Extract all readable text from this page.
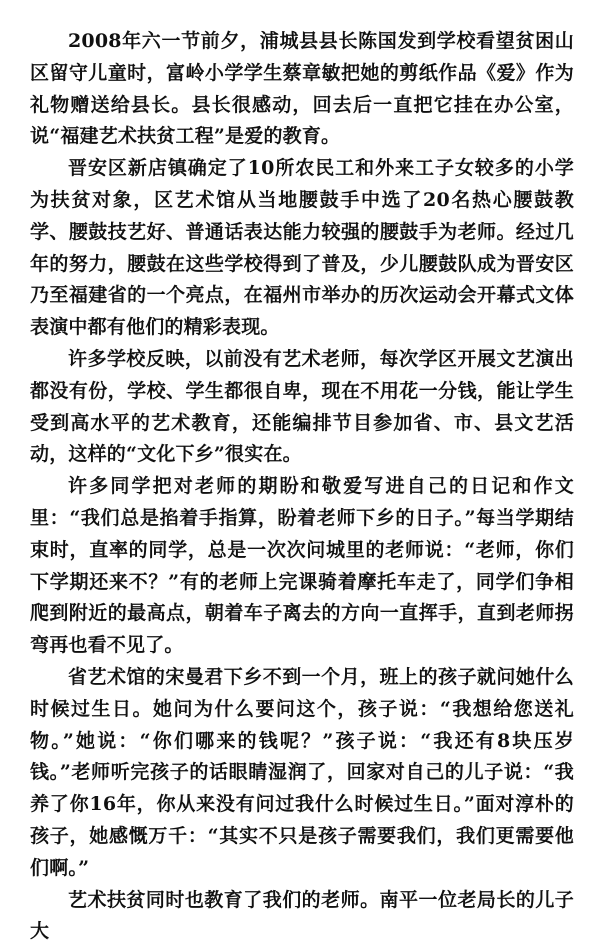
2008年六一节前夕，浦城县县长陈国发到学校看望贫困山区留守儿童时，富岭小学学生蔡章敏把她的剪纸作品《爱》作为礼物赠送给县长。县长很感动，回去后一直把它挂在办公室，说“福建艺术扶贫工程”是爱的教育。

晋安区新店镇确定了10所农民工和外来工子女较多的小学为扶贫对象，区艺术馆从当地腰鼓手中选了20名热心腰鼓教学、腰鼓技艺好、普通话表达能力较强的腰鼓手为老师。经过几年的努力，腰鼓在这些学校得到了普及，少儿腰鼓队成为晋安区乃至福建省的一个亮点，在福州市举办的历次运动会开幕式文体表演中都有他们的精彩表现。

许多学校反映，以前没有艺术老师，每次学区开展文艺演出都没有份，学校、学生都很自卑，现在不用花一分钱，能让学生受到高水平的艺术教育，还能编排节目参加省、市、县文艺活动，这样的“文化下乡”很实在。

许多同学把对老师的期盼和敬爱写进自己的日记和作文里：“我们总是掐着手指算，盼着老师下乡的日子。”每当学期结束时，直率的同学，总是一次次问城里的老师说：“老师，你们下学期还来不？”有的老师上完课骑着摩托车走了，同学们争相爬到附近的最高点，朝着车子离去的方向一直挥手，直到老师拐弯再也看不见了。

省艺术馆的宋曼君下乡不到一个月，班上的孩子就问她什么时候过生日。她问为什么要问这个，孩子说：“我想给您送礼物。”她说：“你们哪来的钱呢？”孩子说：“我还有8块压岁钱。”老师听完孩子的话眼睛湿润了，回家对自己的儿子说：“我养了你16年，你从来没有问过我什么时候过生日。”面对淳朴的孩子，她感慨万千：“其实不只是孩子需要我们，我们更需要他们啊。”

艺术扶贫同时也教育了我们的老师。南平一位老局长的儿子大
